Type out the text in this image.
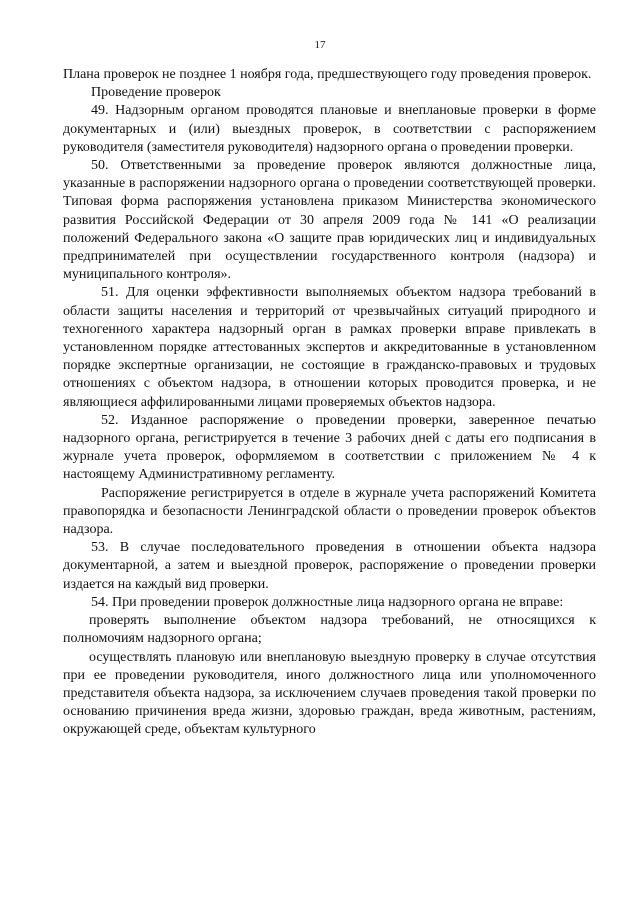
17

Плана проверок не позднее 1 ноября года, предшествующего году проведения проверок.

Проведение проверок

49. Надзорным органом проводятся плановые и внеплановые проверки в форме документарных и (или) выездных проверок, в соответствии с распоряжением руководителя (заместителя руководителя) надзорного органа о проведении проверки.

50. Ответственными за проведение проверок являются должностные лица, указанные в распоряжении надзорного органа о проведении соответствующей проверки. Типовая форма распоряжения установлена приказом Министерства экономического развития Российской Федерации от 30 апреля 2009 года № 141 «О реализации положений Федерального закона «О защите прав юридических лиц и индивидуальных предпринимателей при осуществлении государственного контроля (надзора) и муниципального контроля».

51. Для оценки эффективности выполняемых объектом надзора требований в области защиты населения и территорий от чрезвычайных ситуаций природного и техногенного характера надзорный орган в рамках проверки вправе привлекать в установленном порядке аттестованных экспертов и аккредитованные в установленном порядке экспертные организации, не состоящие в гражданско-правовых и трудовых отношениях с объектом надзора, в отношении которых проводится проверка, и не являющиеся аффилированными лицами проверяемых объектов надзора.

52. Изданное распоряжение о проведении проверки, заверенное печатью надзорного органа, регистрируется в течение 3 рабочих дней с даты его подписания в журнале учета проверок, оформляемом в соответствии с приложением № 4 к настоящему Административному регламенту.

Распоряжение регистрируется в отделе в журнале учета распоряжений Комитета правопорядка и безопасности Ленинградской области о проведении проверок объектов надзора.

53. В случае последовательного проведения в отношении объекта надзора документарной, а затем и выездной проверок, распоряжение о проведении проверки издается на каждый вид проверки.

54. При проведении проверок должностные лица надзорного органа не вправе:

проверять выполнение объектом надзора требований, не относящихся к полномочиям надзорного органа;

осуществлять плановую или внеплановую выездную проверку в случае отсутствия при ее проведении руководителя, иного должностного лица или уполномоченного представителя объекта надзора, за исключением случаев проведения такой проверки по основанию причинения вреда жизни, здоровью граждан, вреда животным, растениям, окружающей среде, объектам культурного
